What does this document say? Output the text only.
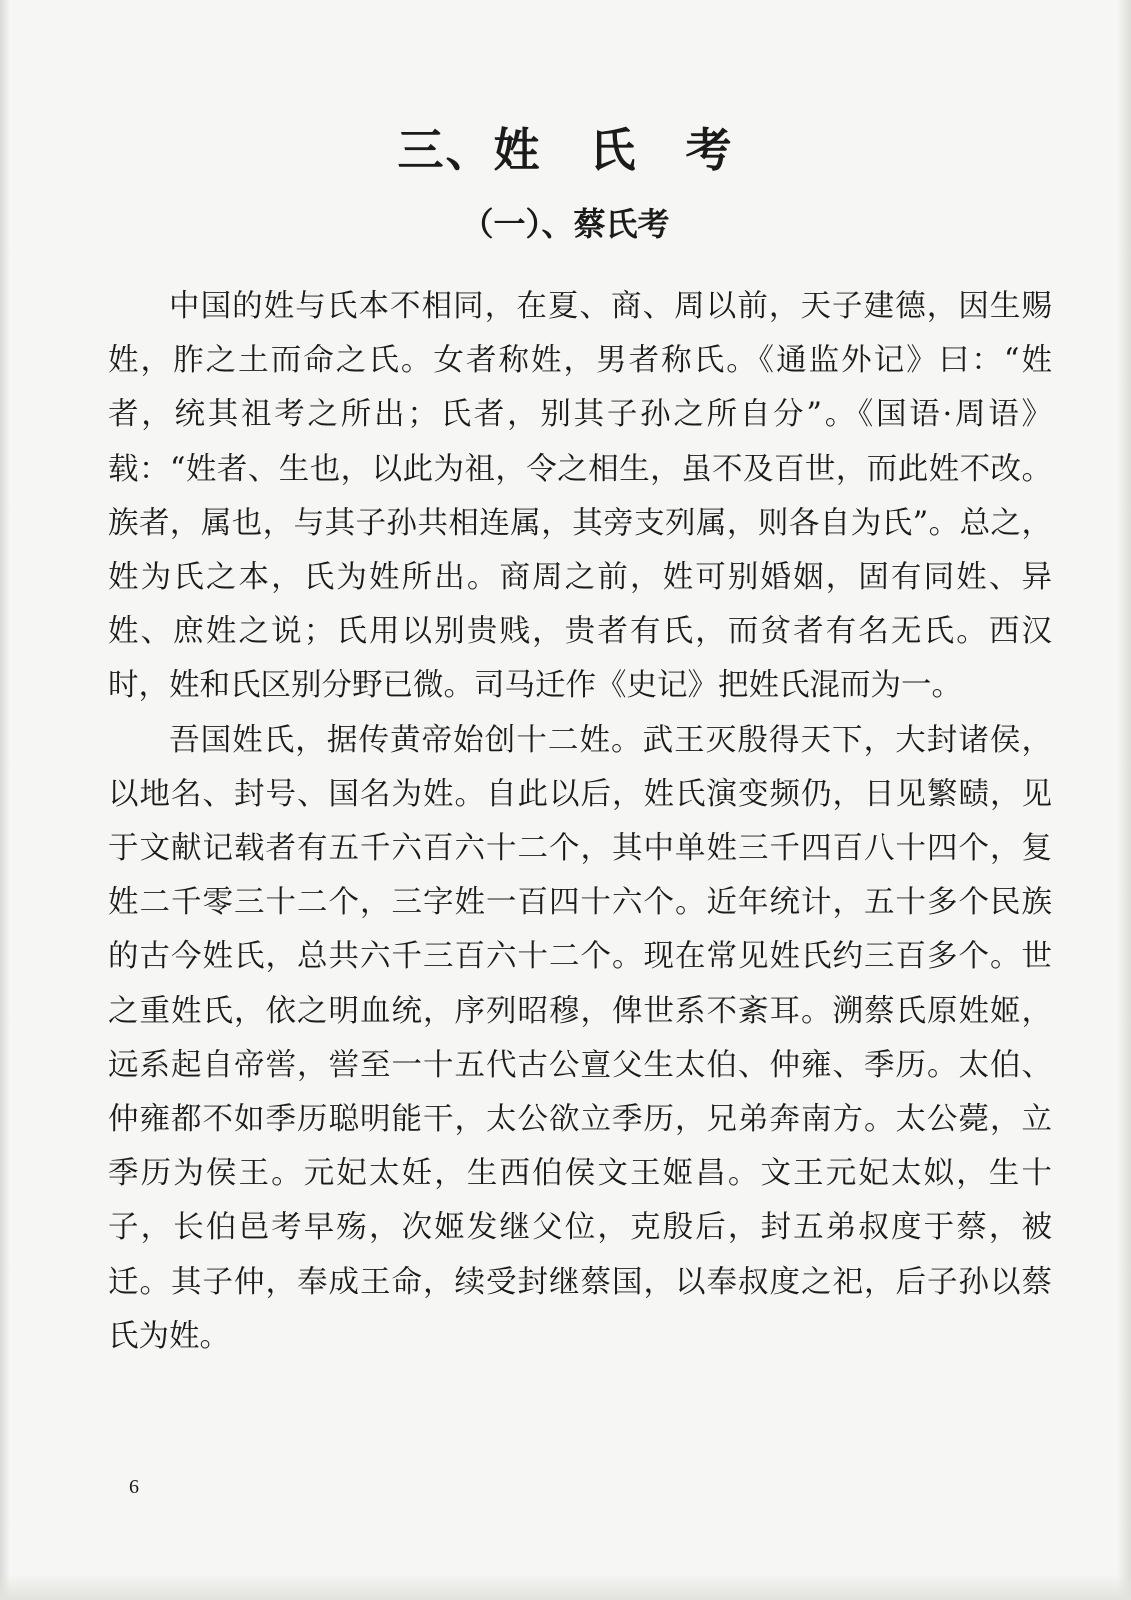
三、姓　氏　考
（一）、蔡氏考

中国的姓与氏本不相同，在夏、商、周以前，天子建德，因生赐姓，胙之土而命之氏。女者称姓，男者称氏。《通监外记》曰：“姓者，统其祖考之所出；氏者，别其子孙之所自分”。《国语·周语》载：“姓者、生也，以此为祖，令之相生，虽不及百世，而此姓不改。族者，属也，与其子孙共相连属，其旁支列属，则各自为氏”。总之，姓为氏之本，氏为姓所出。商周之前，姓可别婚姻，固有同姓、异姓、庶姓之说；氏用以别贵贱，贵者有氏，而贫者有名无氏。西汉时，姓和氏区别分野已微。司马迁作《史记》把姓氏混而为一。

吾国姓氏，据传黄帝始创十二姓。武王灭殷得天下，大封诸侯，以地名、封号、国名为姓。自此以后，姓氏演变频仍，日见繁赜，见于文献记载者有五千六百六十二个，其中单姓三千四百八十四个，复姓二千零三十二个，三字姓一百四十六个。近年统计，五十多个民族的古今姓氏，总共六千三百六十二个。现在常见姓氏约三百多个。世之重姓氏，依之明血统，序列昭穆，俾世系不紊耳。溯蔡氏原姓姬，远系起自帝喾，喾至一十五代古公亶父生太伯、仲雍、季历。太伯、仲雍都不如季历聪明能干，太公欲立季历，兄弟奔南方。太公薨，立季历为侯王。元妃太妊，生西伯侯文王姬昌。文王元妃太姒，生十子，长伯邑考早殇，次姬发继父位，克殷后，封五弟叔度于蔡，被迁。其子仲，奉成王命，续受封继蔡国，以奉叔度之祀，后子孙以蔡氏为姓。

6
